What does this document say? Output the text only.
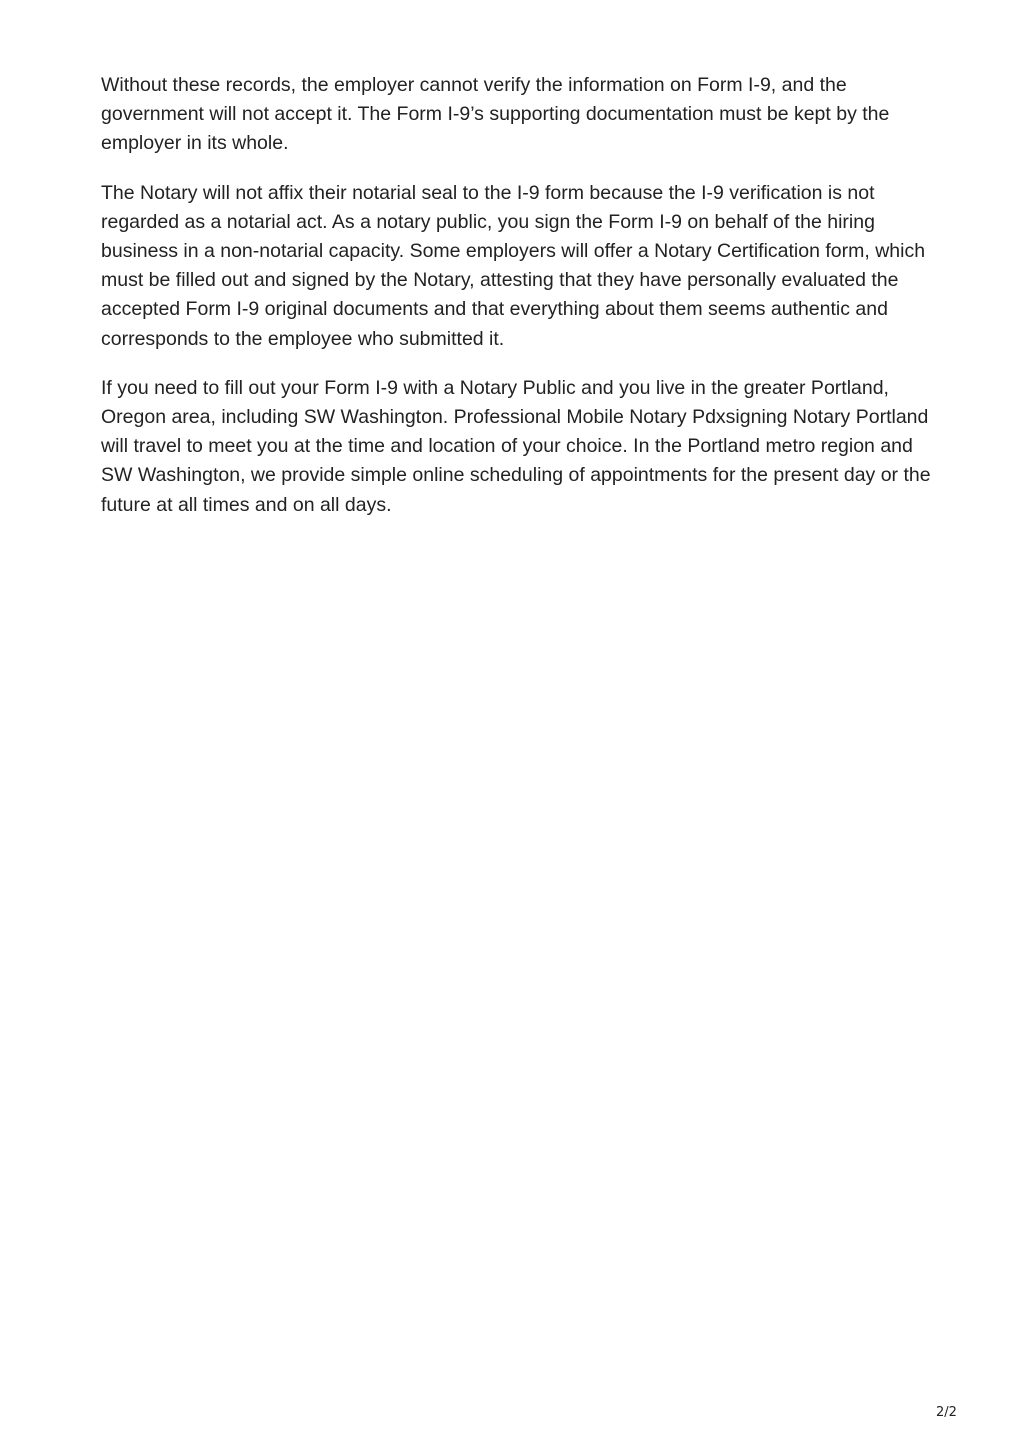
Without these records, the employer cannot verify the information on Form I-9, and the government will not accept it. The Form I-9’s supporting documentation must be kept by the employer in its whole.

The Notary will not affix their notarial seal to the I-9 form because the I-9 verification is not regarded as a notarial act. As a notary public, you sign the Form I-9 on behalf of the hiring business in a non-notarial capacity. Some employers will offer a Notary Certification form, which must be filled out and signed by the Notary, attesting that they have personally evaluated the accepted Form I-9 original documents and that everything about them seems authentic and corresponds to the employee who submitted it.

If you need to fill out your Form I-9 with a Notary Public and you live in the greater Portland, Oregon area, including SW Washington. Professional Mobile Notary Pdxsigning Notary Portland will travel to meet you at the time and location of your choice. In the Portland metro region and SW Washington, we provide simple online scheduling of appointments for the present day or the future at all times and on all days.

2/2
